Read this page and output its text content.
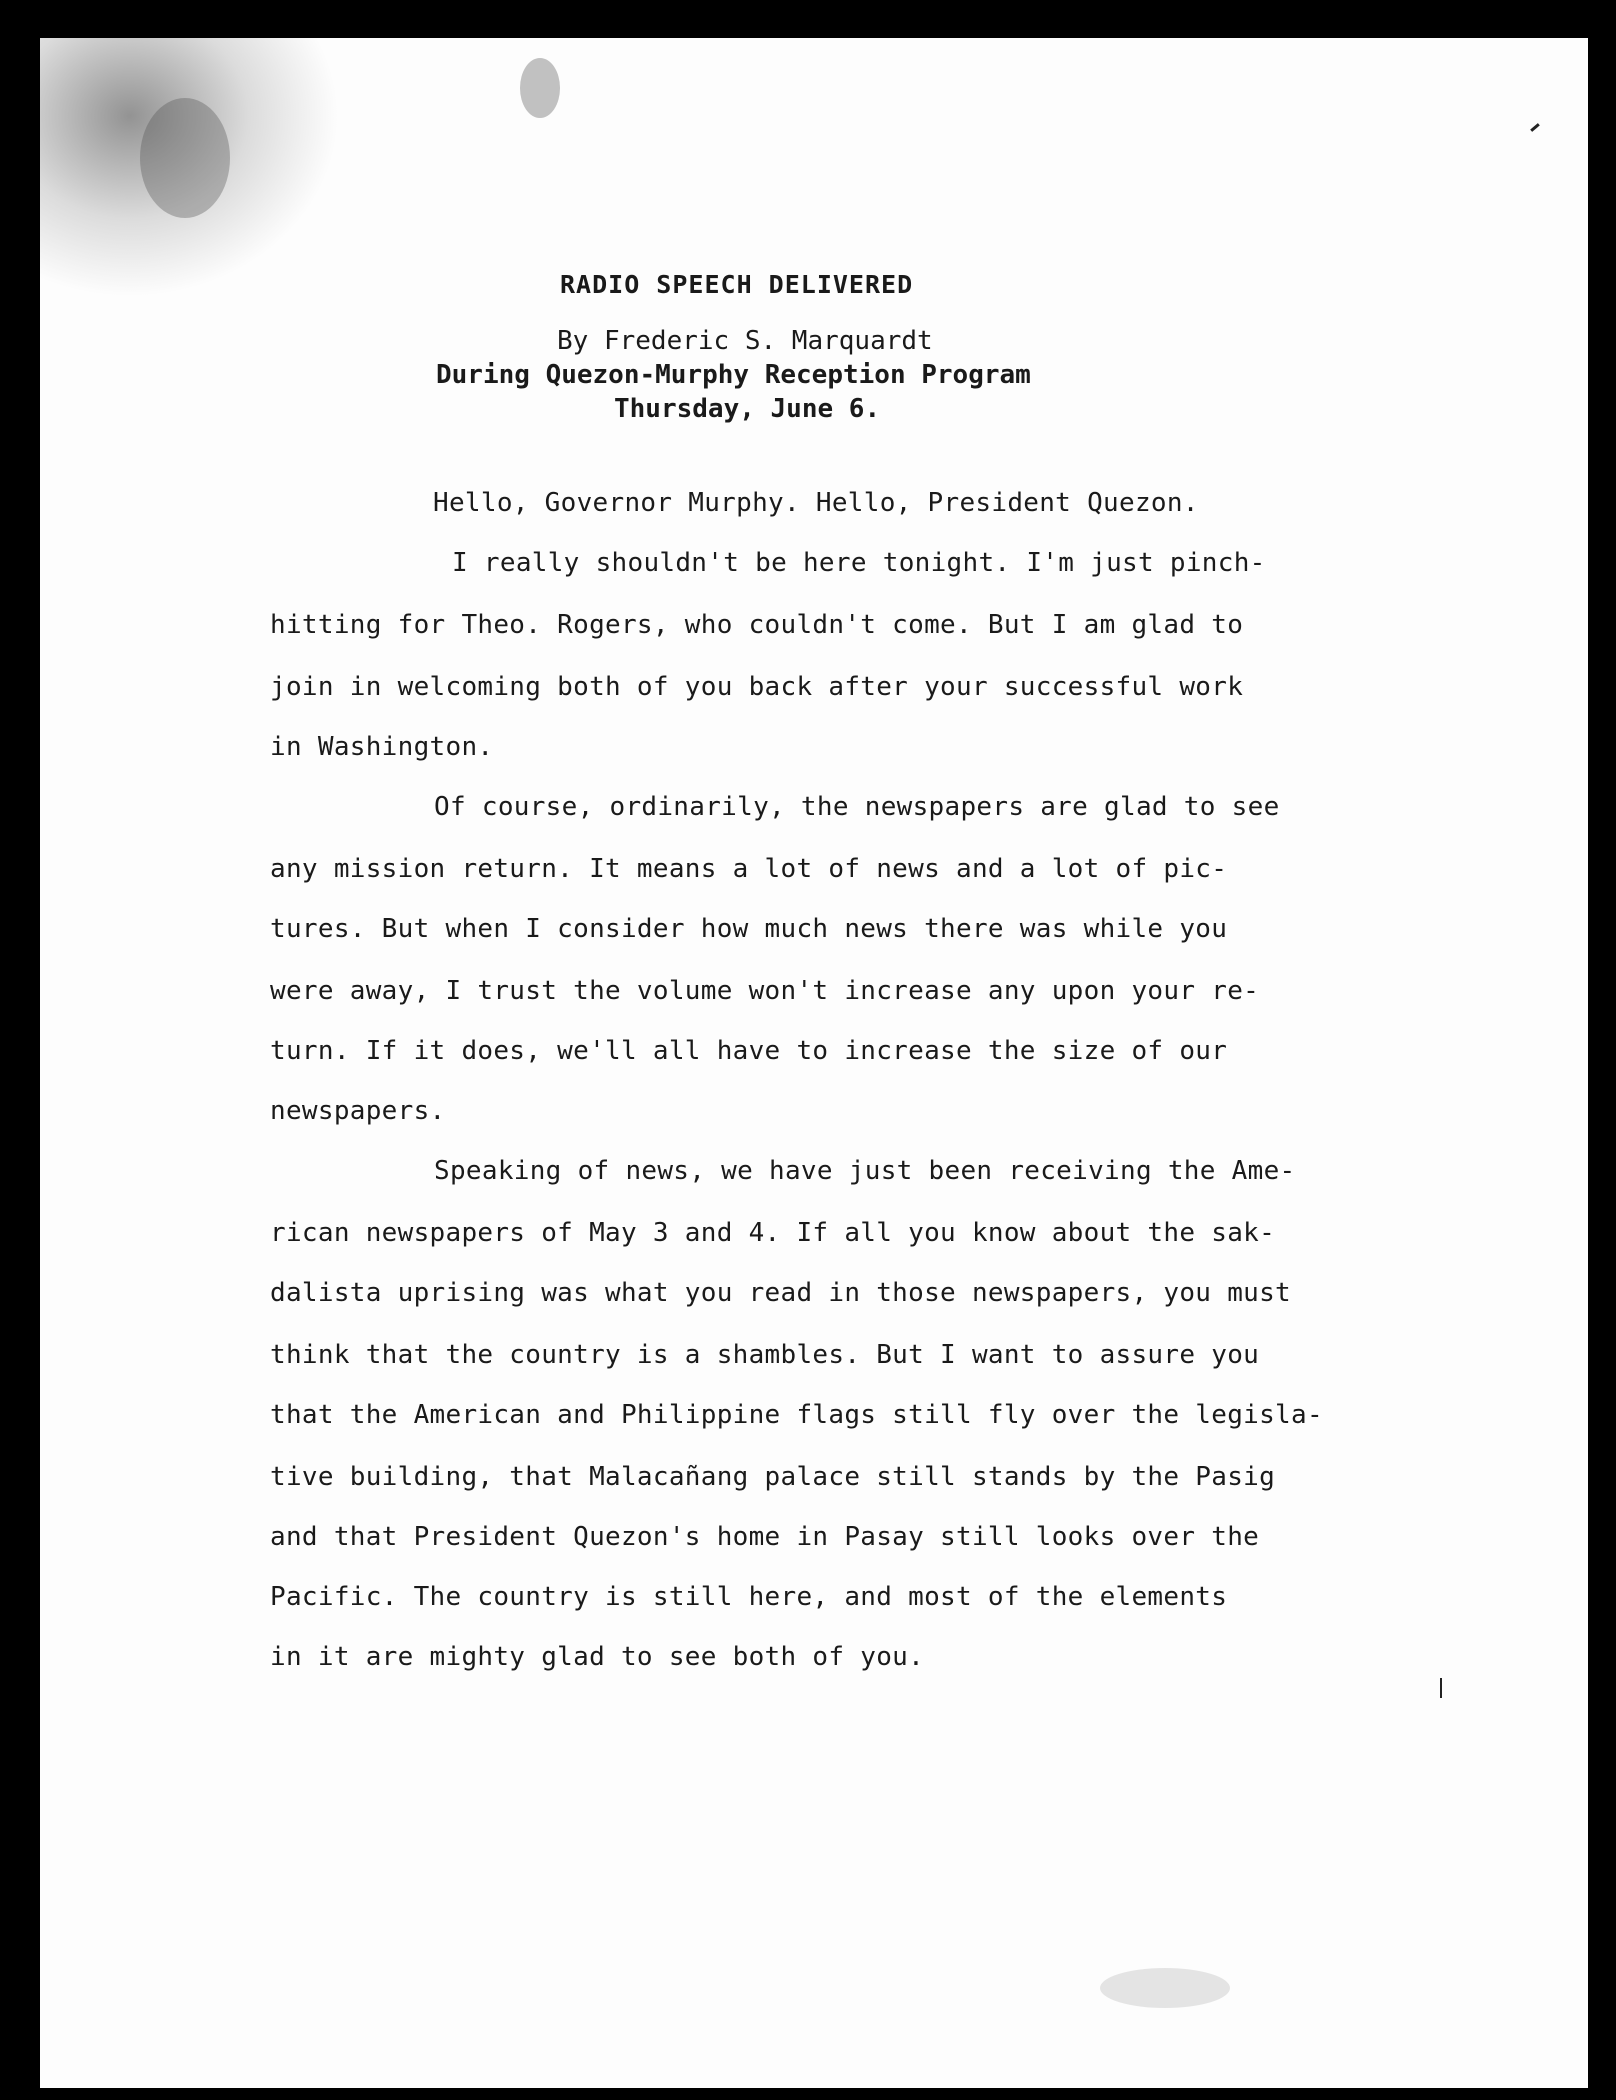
RADIO SPEECH DELIVERED
By Frederic S. Marquardt
During Quezon-Murphy Reception Program
Thursday, June 6.
Hello, Governor Murphy. Hello, President Quezon.
I really shouldn't be here tonight. I'm just pinch-
hitting for Theo. Rogers, who couldn't come. But I am glad to
join in welcoming both of you back after your successful work
in Washington.
Of course, ordinarily, the newspapers are glad to see
any mission return. It means a lot of news and a lot of pic-
tures. But when I consider how much news there was while you
were away, I trust the volume won't increase any upon your re-
turn. If it does, we'll all have to increase the size of our
newspapers.
Speaking of news, we have just been receiving the Ame-
rican newspapers of May 3 and 4. If all you know about the sak-
dalista uprising was what you read in those newspapers, you must
think that the country is a shambles. But I want to assure you
that the American and Philippine flags still fly over the legisla-
tive building, that Malacañang palace still stands by the Pasig
and that President Quezon's home in Pasay still looks over the
Pacific. The country is still here, and most of the elements
in it are mighty glad to see both of you.
